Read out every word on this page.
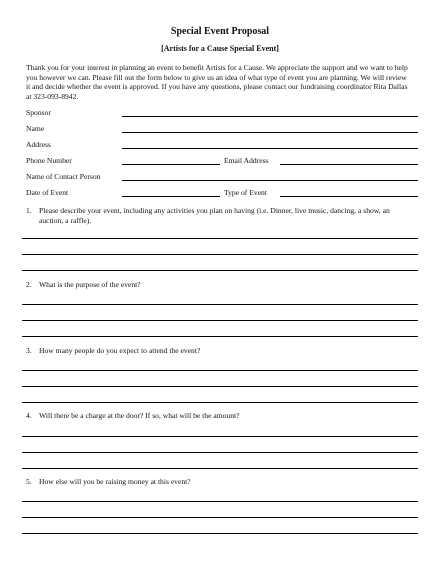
Special Event Proposal
[Artists for a Cause Special Event]
Thank you for your interest in planning an event to benefit Artists for a Cause. We appreciate the support and we want to help you however we can. Please fill out the form below to give us an idea of what type of event you are planning. We will review it and decide whether the event is approved. If you have any questions, please contact our fundraising coordinator Rita Dallas at 323-093-8942.
Sponsor
Name
Address
Phone Number	Email Address
Name of Contact Person
Date of Event	Type of Event
1. Please describe your event, including any activities you plan on having (i.e. Dinner, live music, dancing, a show, an auction, a raffle).
2. What is the purpose of the event?
3. How many people do you expect to attend the event?
4. Will there be a charge at the door? If so, what will be the amount?
5. How else will you be raising money at this event?
